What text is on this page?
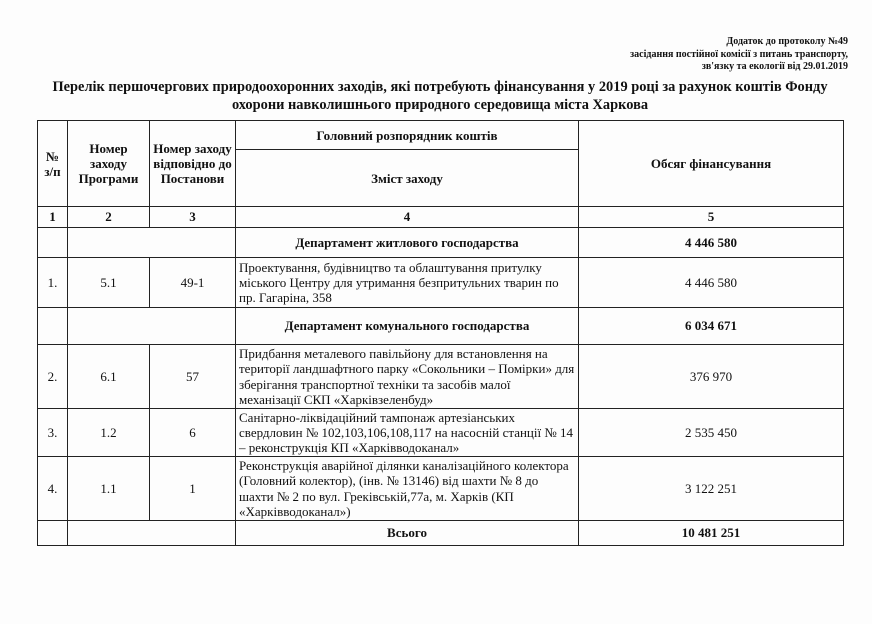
Додаток до протоколу №49
засідання постійної комісії з питань транспорту,
зв'язку та екології від 29.01.2019
Перелік першочергових природоохоронних заходів, які потребують фінансування у 2019 році за рахунок коштів Фонду
охорони навколишнього природного середовища міста Харкова
№ з/п	Номер заходу Програми	Номер заходу відповідно до Постанови	Головний розпорядник коштів	Обсяг фінансування
			Зміст заходу	
1	2	3	4	5
			Департамент житлового господарства	4 446 580
1.	5.1	49-1	Проектування, будівництво та облаштування притулку міського Центру для утримання безпритульних тварин по пр. Гагаріна, 358	4 446 580
			Департамент комунального господарства	6 034 671
2.	6.1	57	Придбання металевого павільйону для встановлення на території ландшафтного парку «Сокольники – Помірки» для зберігання транспортної техніки та засобів малої механізації СКП «Харківзеленбуд»	376 970
3.	1.2	6	Санітарно-ліквідаційний тампонаж артезіанських свердловин № 102,103,106,108,117 на насосній станції № 14 – реконструкція КП «Харківводоканал»	2 535 450
4.	1.1	1	Реконструкція аварійної ділянки каналізаційного колектора (Головний колектор), (інв. № 13146) від шахти № 8 до шахти № 2 по вул. Греківській,77а, м. Харків (КП «Харківводоканал»)	3 122 251
			Всього	10 481 251
